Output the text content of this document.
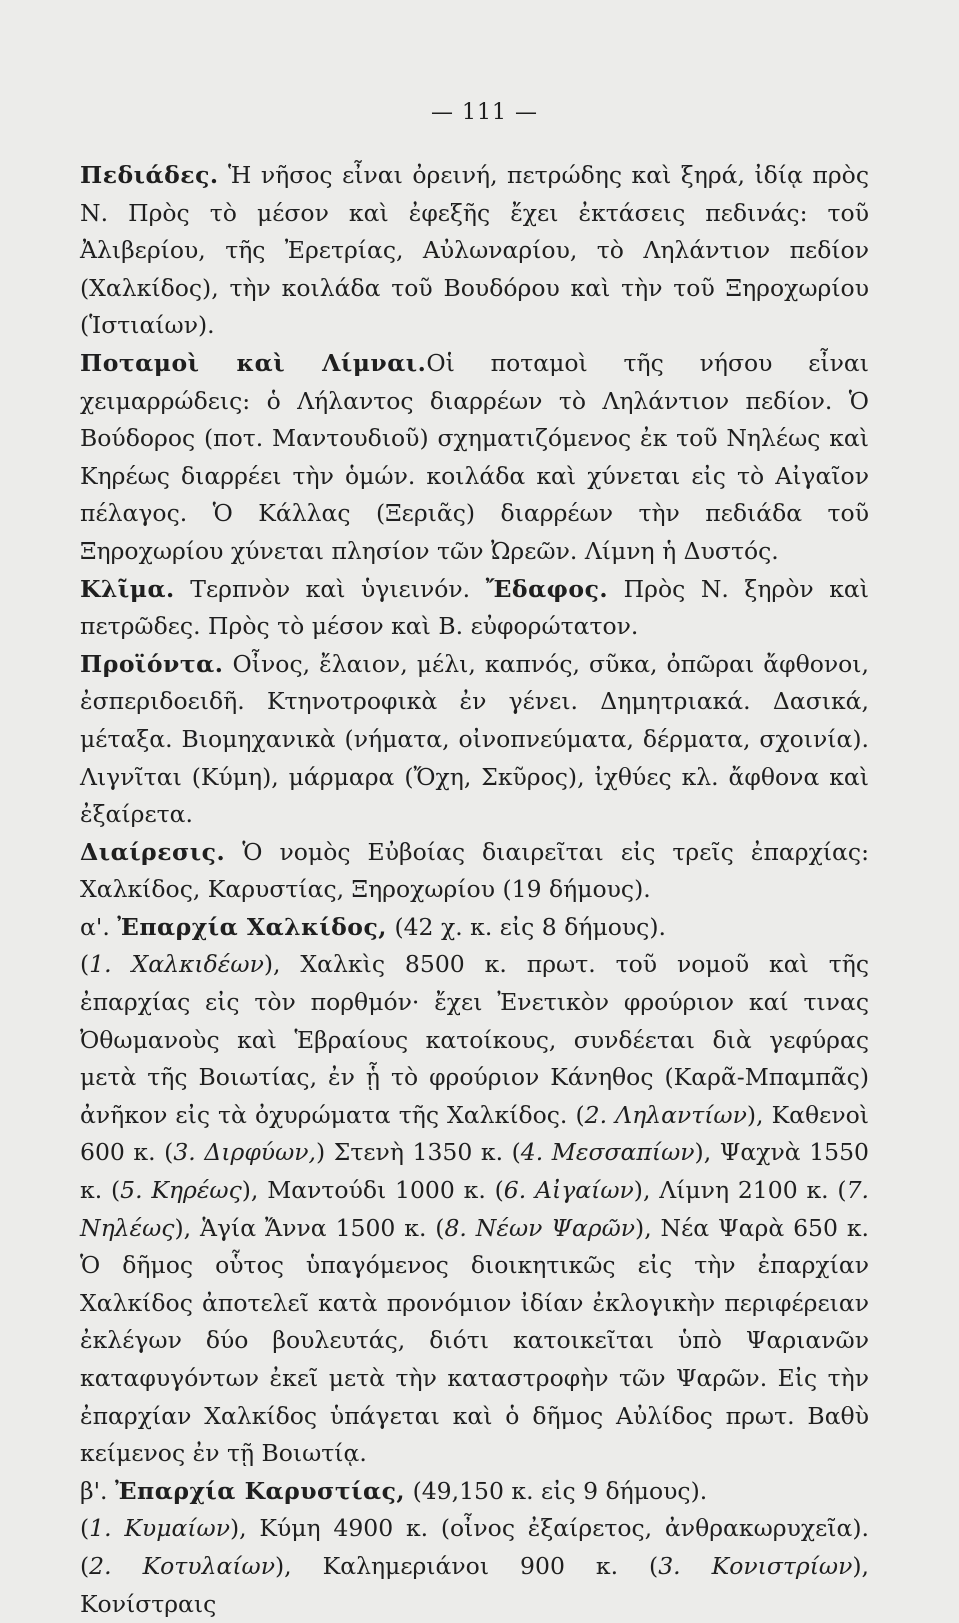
— 111 —

Πεδιάδες. Ἡ νῆσος εἶναι ὀρεινή, πετρώδης καὶ ξηρά, ἰδίᾳ πρὸς Ν. Πρὸς τὸ μέσον καὶ ἐφεξῆς ἔχει ἐκτάσεις πεδινάς: τοῦ Ἀλιβερίου, τῆς Ἐρετρίας, Αὐλωναρίου, τὸ Ληλάντιον πεδίον (Χαλκίδος), τὴν κοιλάδα τοῦ Βουδόρου καὶ τὴν τοῦ Ξηροχωρίου (Ἱστιαίων).

Ποταμοὶ καὶ Λίμναι.Οἱ ποταμοὶ τῆς νήσου εἶναι χειμαρρώδεις: ὁ Λήλαντος διαρρέων τὸ Ληλάντιον πεδίον. Ὁ Βούδορος (ποτ. Μαντουδιοῦ) σχηματιζόμενος ἐκ τοῦ Νηλέως καὶ Κηρέως διαρρέει τὴν ὁμών. κοιλάδα καὶ χύνεται εἰς τὸ Αἰγαῖον πέλαγος. Ὁ Κάλλας (Ξεριᾶς) διαρρέων τὴν πεδιάδα τοῦ Ξηροχωρίου χύνεται πλησίον τῶν Ὠρεῶν. Λίμνη ἡ Δυστός.

Κλῖμα. Τερπνὸν καὶ ὑγιεινόν. Ἔδαφος. Πρὸς Ν. ξηρὸν καὶ πετρῶδες. Πρὸς τὸ μέσον καὶ Β. εὐφορώτατον.

Προϊόντα. Οἶνος, ἔλαιον, μέλι, καπνός, σῦκα, ὀπῶραι ἄφθονοι, ἐσπεριδοειδῆ. Κτηνοτροφικὰ ἐν γένει. Δημητριακά. Δασικά, μέταξα. Βιομηχανικὰ (νήματα, οἰνοπνεύματα, δέρματα, σχοινία). Λιγνῖται (Κύμη), μάρμαρα (Ὄχη, Σκῦρος), ἰχθύες κλ. ἄφθονα καὶ ἐξαίρετα.

Διαίρεσις. Ὁ νομὸς Εὐβοίας διαιρεῖται εἰς τρεῖς ἐπαρχίας: Χαλκίδος, Καρυστίας, Ξηροχωρίου (19 δήμους).

α'. Ἐπαρχία Χαλκίδος, (42 χ. κ. εἰς 8 δήμους).

(1. Χαλκιδέων), Χαλκὶς 8500 κ. πρωτ. τοῦ νομοῦ καὶ τῆς ἐπαρχίας εἰς τὸν πορθμόν· ἔχει Ἐνετικὸν φρούριον καί τινας Ὀθωμανοὺς καὶ Ἑβραίους κατοίκους, συνδέεται διὰ γεφύρας μετὰ τῆς Βοιωτίας, ἐν ᾗ τὸ φρούριον Κάνηθος (Καρᾶ-Μπαμπᾶς) ἀνῆκον εἰς τὰ ὀχυρώματα τῆς Χαλκίδος. (2. Ληλαντίων), Καθενοὶ 600 κ. (3. Διρφύων,) Στενὴ 1350 κ. (4. Μεσσαπίων), Ψαχνὰ 1550 κ. (5. Κηρέως), Μαντούδι 1000 κ. (6. Αἰγαίων), Λίμνη 2100 κ. (7. Νηλέως), Ἁγία Ἄννα 1500 κ. (8. Νέων Ψαρῶν), Νέα Ψαρὰ 650 κ. Ὁ δῆμος οὗτος ὑπαγόμενος διοικητικῶς εἰς τὴν ἐπαρχίαν Χαλκίδος ἀποτελεῖ κατὰ προνόμιον ἰδίαν ἐκλογικὴν περιφέρειαν ἐκλέγων δύο βουλευτάς, διότι κατοικεῖται ὑπὸ Ψαριανῶν καταφυγόντων ἐκεῖ μετὰ τὴν καταστροφὴν τῶν Ψαρῶν. Εἰς τὴν ἐπαρχίαν Χαλκίδος ὑπάγεται καὶ ὁ δῆμος Αὐλίδος πρωτ. Βαθὺ κείμενος ἐν τῇ Βοιωτίᾳ.

β'. Ἐπαρχία Καρυστίας, (49,150 κ. εἰς 9 δήμους).

(1. Κυμαίων), Κύμη 4900 κ. (οἶνος ἐξαίρετος, ἀνθρακωρυχεῖα). (2. Κοτυλαίων), Καλημεριάνοι 900 κ. (3. Κονιστρίων), Κονίστραις
